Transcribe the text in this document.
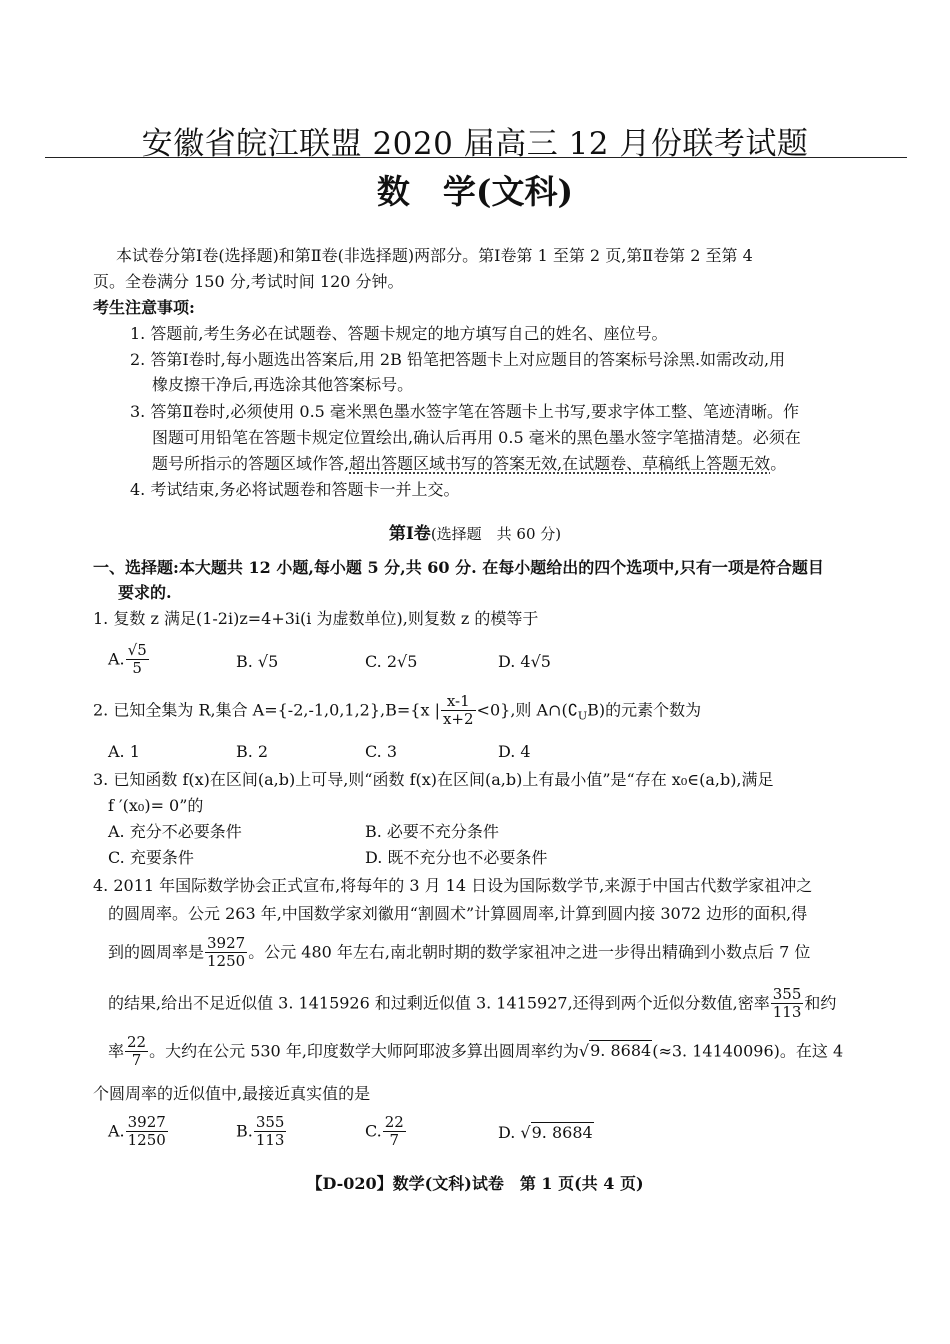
安徽省皖江联盟 2020 届高三 12 月份联考试题
数　学(文科)
本试卷分第Ⅰ卷(选择题)和第Ⅱ卷(非选择题)两部分。第Ⅰ卷第 1 至第 2 页,第Ⅱ卷第 2 至第 4
页。全卷满分 150 分,考试时间 120 分钟。
考生注意事项:
1. 答题前,考生务必在试题卷、答题卡规定的地方填写自己的姓名、座位号。
2. 答第Ⅰ卷时,每小题选出答案后,用 2B 铅笔把答题卡上对应题目的答案标号涂黑.如需改动,用
橡皮擦干净后,再选涂其他答案标号。
3. 答第Ⅱ卷时,必须使用 0.5 毫米黑色墨水签字笔在答题卡上书写,要求字体工整、笔迹清晰。作
图题可用铅笔在答题卡规定位置绘出,确认后再用 0.5 毫米的黑色墨水签字笔描清楚。必须在
题号所指示的答题区域作答,超出答题区域书写的答案无效,在试题卷、草稿纸上答题无效。
4. 考试结束,务必将试题卷和答题卡一并上交。
第Ⅰ卷(选择题　共 60 分)
一、选择题:本大题共 12 小题,每小题 5 分,共 60 分. 在每小题给出的四个选项中,只有一项是符合题目
要求的.
1. 复数 z 满足(1-2i)z=4+3i(i 为虚数单位),则复数 z 的模等于
A. $\frac{√5}{5}$	B. √5	C. 2√5	D. 4√5
2. 已知全集为 R,集合 A={-2,-1,0,1,2},B={x | $\frac{x-1}{x+2} <0$},则 $A\cap(∁_UB)$的元素个数为
A. 1	B. 2	C. 3	D. 4
3. 已知函数 f(x)在区间(a,b)上可导,则“函数 f(x)在区间(a,b)上有最小值”是“存在 x₀∈(a,b),满足
f ′(x₀)= 0”的
A. 充分不必要条件	B. 必要不充分条件
C. 充要条件	D. 既不充分也不必要条件
4. 2011 年国际数学协会正式宣布,将每年的 3 月 14 日设为国际数学节,来源于中国古代数学家祖冲之
的圆周率。公元 263 年,中国数学家刘徽用“割圆术”计算圆周率,计算到圆内接 3072 边形的面积,得
到的圆周率是 $\frac{3927}{1250}$ 。公元 480 年左右,南北朝时期的数学家祖冲之进一步得出精确到小数点后 7 位
的结果,给出不足近似值 3. 1415926 和过剩近似值 3. 1415927,还得到两个近似分数值,密率 $\frac{355}{113}$ 和约
率 $\frac{22}{7}$ 。大约在公元 530 年,印度数学大师阿耶波多算出圆周率约为√9. 8684(≈3. 14140096)。在这 4
个圆周率的近似值中,最接近真实值的是
A. $\frac{3927}{1250}$	B. $\frac{355}{113}$	C. $\frac{22}{7}$	D. √9. 8684
【D-020】数学(文科)试卷　第 1 页(共 4 页)
